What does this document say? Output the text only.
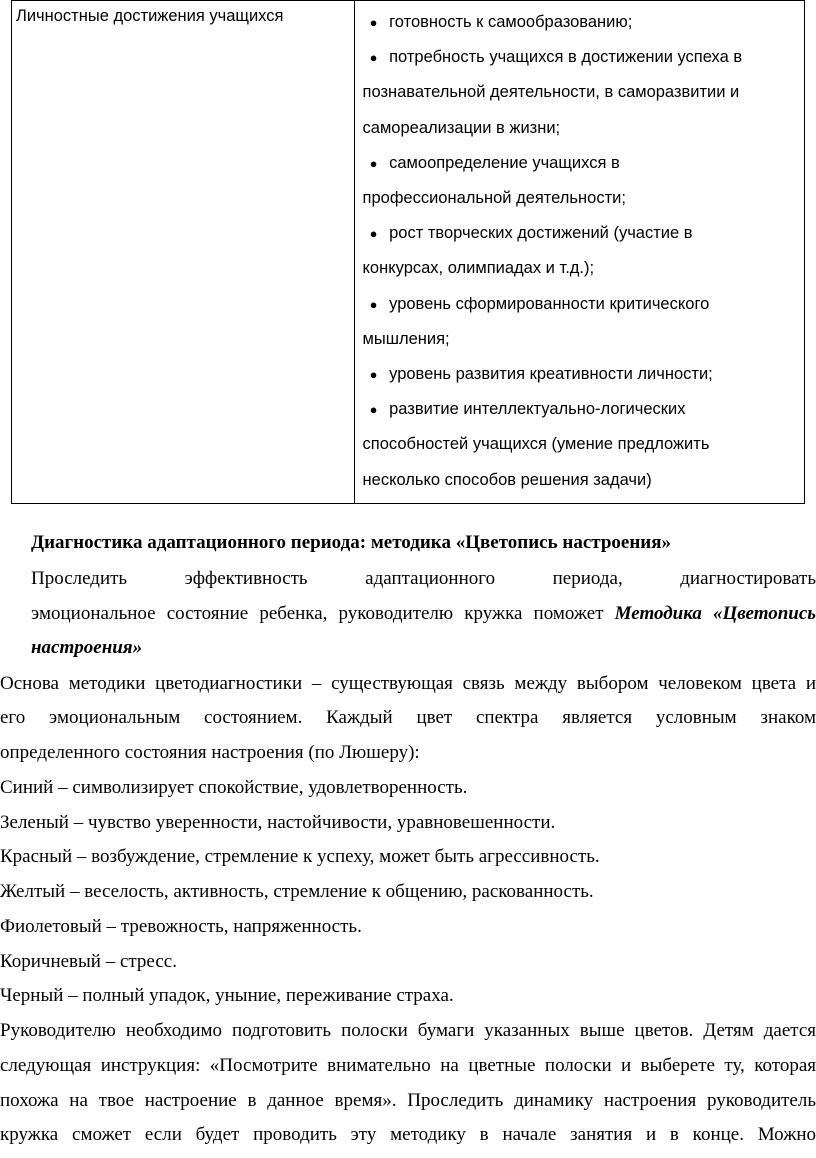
Личностные достижения учащихся	● готовность к самообразованию;
● потребность учащихся в достижении успеха в
познавательной деятельности, в саморазвитии и
самореализации в жизни;
● самоопределение учащихся в
профессиональной деятельности;
● рост творческих достижений (участие в
конкурсах, олимпиадах и т.д.);
● уровень сформированности критического
мышления;
● уровень развития креативности личности;
● развитие интеллектуально-логических
способностей учащихся (умение предложить
несколько способов решения задачи)
Диагностика адаптационного периода: методика «Цветопись настроения»
Проследить эффективность адаптационного периода, диагностировать
эмоциональное состояние ребенка, руководителю кружка поможет Методика «Цветопись
настроения»
Основа методики цветодиагностики – существующая связь между выбором человеком цвета и
его эмоциональным состоянием. Каждый цвет спектра является условным знаком
определенного состояния настроения (по Люшеру):
Синий – символизирует спокойствие, удовлетворенность.
Зеленый – чувство уверенности, настойчивости, уравновешенности.
Красный – возбуждение, стремление к успеху, может быть агрессивность.
Желтый – веселость, активность, стремление к общению, раскованность.
Фиолетовый – тревожность, напряженность.
Коричневый – стресс.
Черный – полный упадок, уныние, переживание страха.
Руководителю необходимо подготовить полоски бумаги указанных выше цветов. Детям дается
следующая инструкция: «Посмотрите внимательно на цветные полоски и выберете ту, которая
похожа на твое настроение в данное время». Проследить динамику настроения руководитель
кружка сможет если будет проводить эту методику в начале занятия и в конце. Можно
